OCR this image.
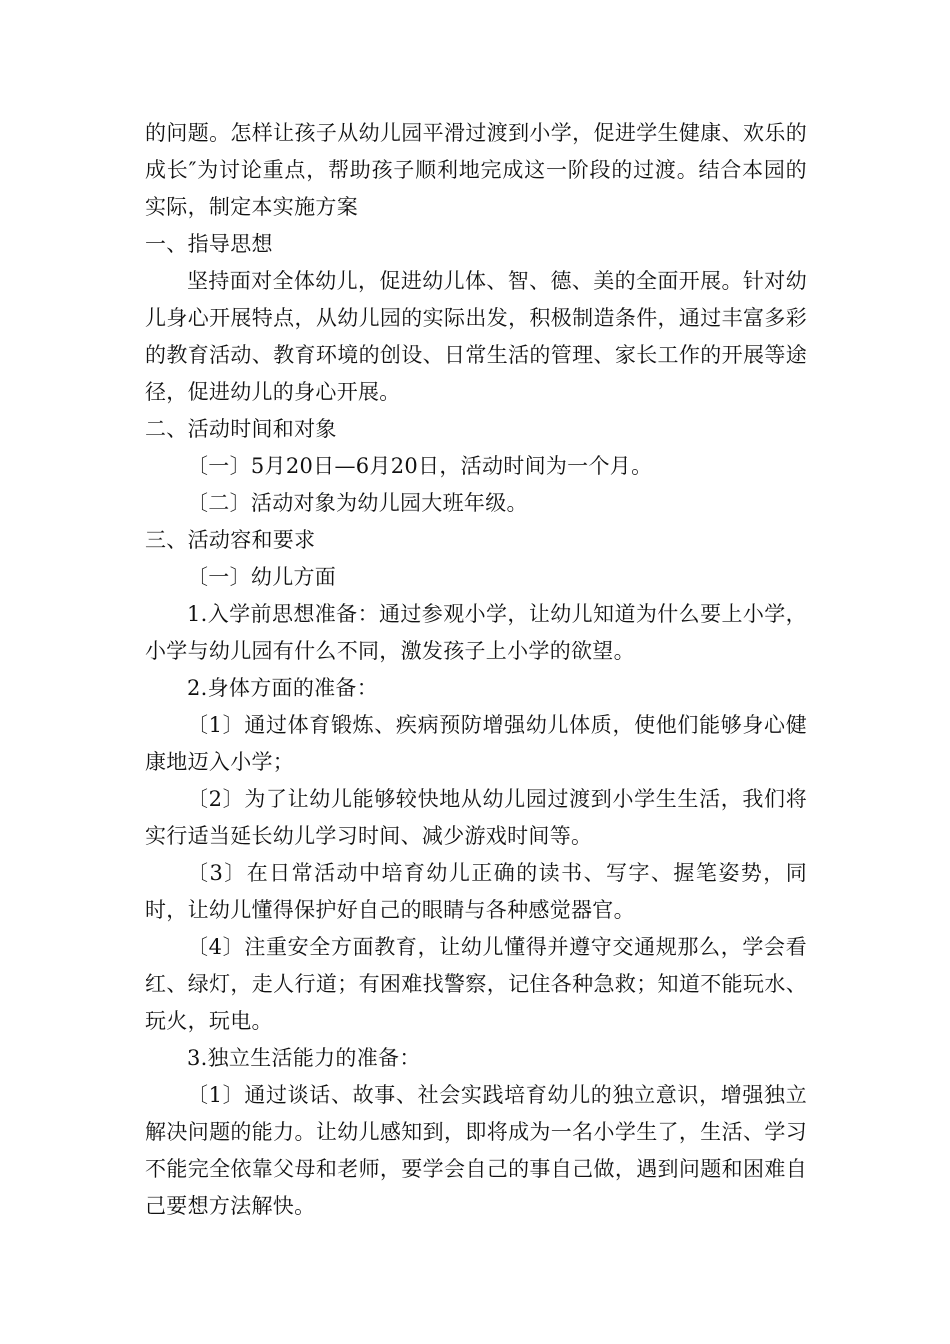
的问题。怎样让孩子从幼儿园平滑过渡到小学，促进学生健康、欢乐的成长″为讨论重点，帮助孩子顺利地完成这一阶段的过渡。结合本园的实际，制定本实施方案

一、指导思想

坚持面对全体幼儿，促进幼儿体、智、德、美的全面开展。针对幼儿身心开展特点，从幼儿园的实际出发，积极制造条件，通过丰富多彩的教育活动、教育环境的创设、日常生活的管理、家长工作的开展等途径，促进幼儿的身心开展。

二、活动时间和对象

〔一〕5月20日—6月20日，活动时间为一个月。

〔二〕活动对象为幼儿园大班年级。

三、活动容和要求

〔一〕幼儿方面

1.入学前思想准备：通过参观小学，让幼儿知道为什么要上小学，小学与幼儿园有什么不同，激发孩子上小学的欲望。

2.身体方面的准备：

〔1〕通过体育锻炼、疾病预防增强幼儿体质，使他们能够身心健康地迈入小学；

〔2〕为了让幼儿能够较快地从幼儿园过渡到小学生生活，我们将实行适当延长幼儿学习时间、减少游戏时间等。

〔3〕在日常活动中培育幼儿正确的读书、写字、握笔姿势，同时，让幼儿懂得保护好自己的眼睛与各种感觉器官。

〔4〕注重安全方面教育，让幼儿懂得并遵守交通规那么，学会看红、绿灯，走人行道；有困难找警察，记住各种急救；知道不能玩水、玩火，玩电。

3.独立生活能力的准备：

〔1〕通过谈话、故事、社会实践培育幼儿的独立意识，增强独立解决问题的能力。让幼儿感知到，即将成为一名小学生了，生活、学习不能完全依靠父母和老师，要学会自己的事自己做，遇到问题和困难自己要想方法解快。
